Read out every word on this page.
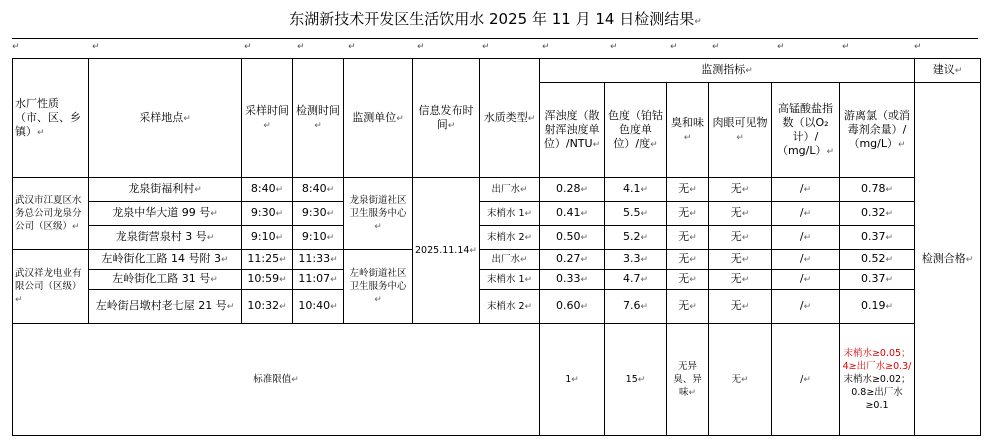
东湖新技术开发区生活饮用水 2025 年 11 月 14 日检测结果↵
↵	↵	↵	↵	↵	↵	↵	↵	↵	↵	↵	↵	↵	↵
水厂性质（市、区、乡镇）↵	采样地点↵	采样时间↵	检测时间↵	监测单位↵	信息发布时间↵	水质类型↵	监测指标↵						建议↵
							浑浊度（散射浑浊度单位）/NTU↵	色度（铂钴色度单位）/度↵	臭和味↵	肉眼可见物↵	高锰酸盐指数（以O₂计）/（mg/L）↵	游离氯（或消毒剂余量）/（mg/L）↵	检测合格↵
武汉市江夏区水务总公司龙泉分公司（区级）↵	龙泉街福利村↵	8:40↵	8:40↵	龙泉街道社区卫生服务中心↵	2025.11.14↵	出厂水↵	0.28↵	4.1↵	无↵	无↵	/↵	0.78↵	
	龙泉中华大道 99 号↵	9:30↵	9:30↵			末梢水 1↵	0.41↵	5.5↵	无↵	无↵	/↵	0.32↵	
	龙泉街营泉村 3 号↵	9:10↵	9:10↵			末梢水 2↵	0.50↵	5.2↵	无↵	无↵	/↵	0.37↵	
武汉祥龙电业有限公司（区级）↵	左岭街化工路 14 号附 3↵	11:25↵	11:33↵	左岭街道社区卫生服务中心↵		出厂水↵	0.27↵	3.3↵	无↵	无↵	/↵	0.52↵	
	左岭街化工路 31 号↵	10:59↵	11:07↵			末梢水 1↵	0.33↵	4.7↵	无↵	无↵	/↵	0.37↵	
	左岭街吕墩村老七屋 21 号↵	10:32↵	10:40↵			末梢水 2↵	0.60↵	7.6↵	无↵	无↵	/↵	0.19↵	
标准限值↵							1↵	15↵	无异臭、异味↵	无↵	/↵	末梢水≥0.05；4≥出厂水≥0.3/
末梢水≥0.02；0.8≥出厂水≥0.1	
